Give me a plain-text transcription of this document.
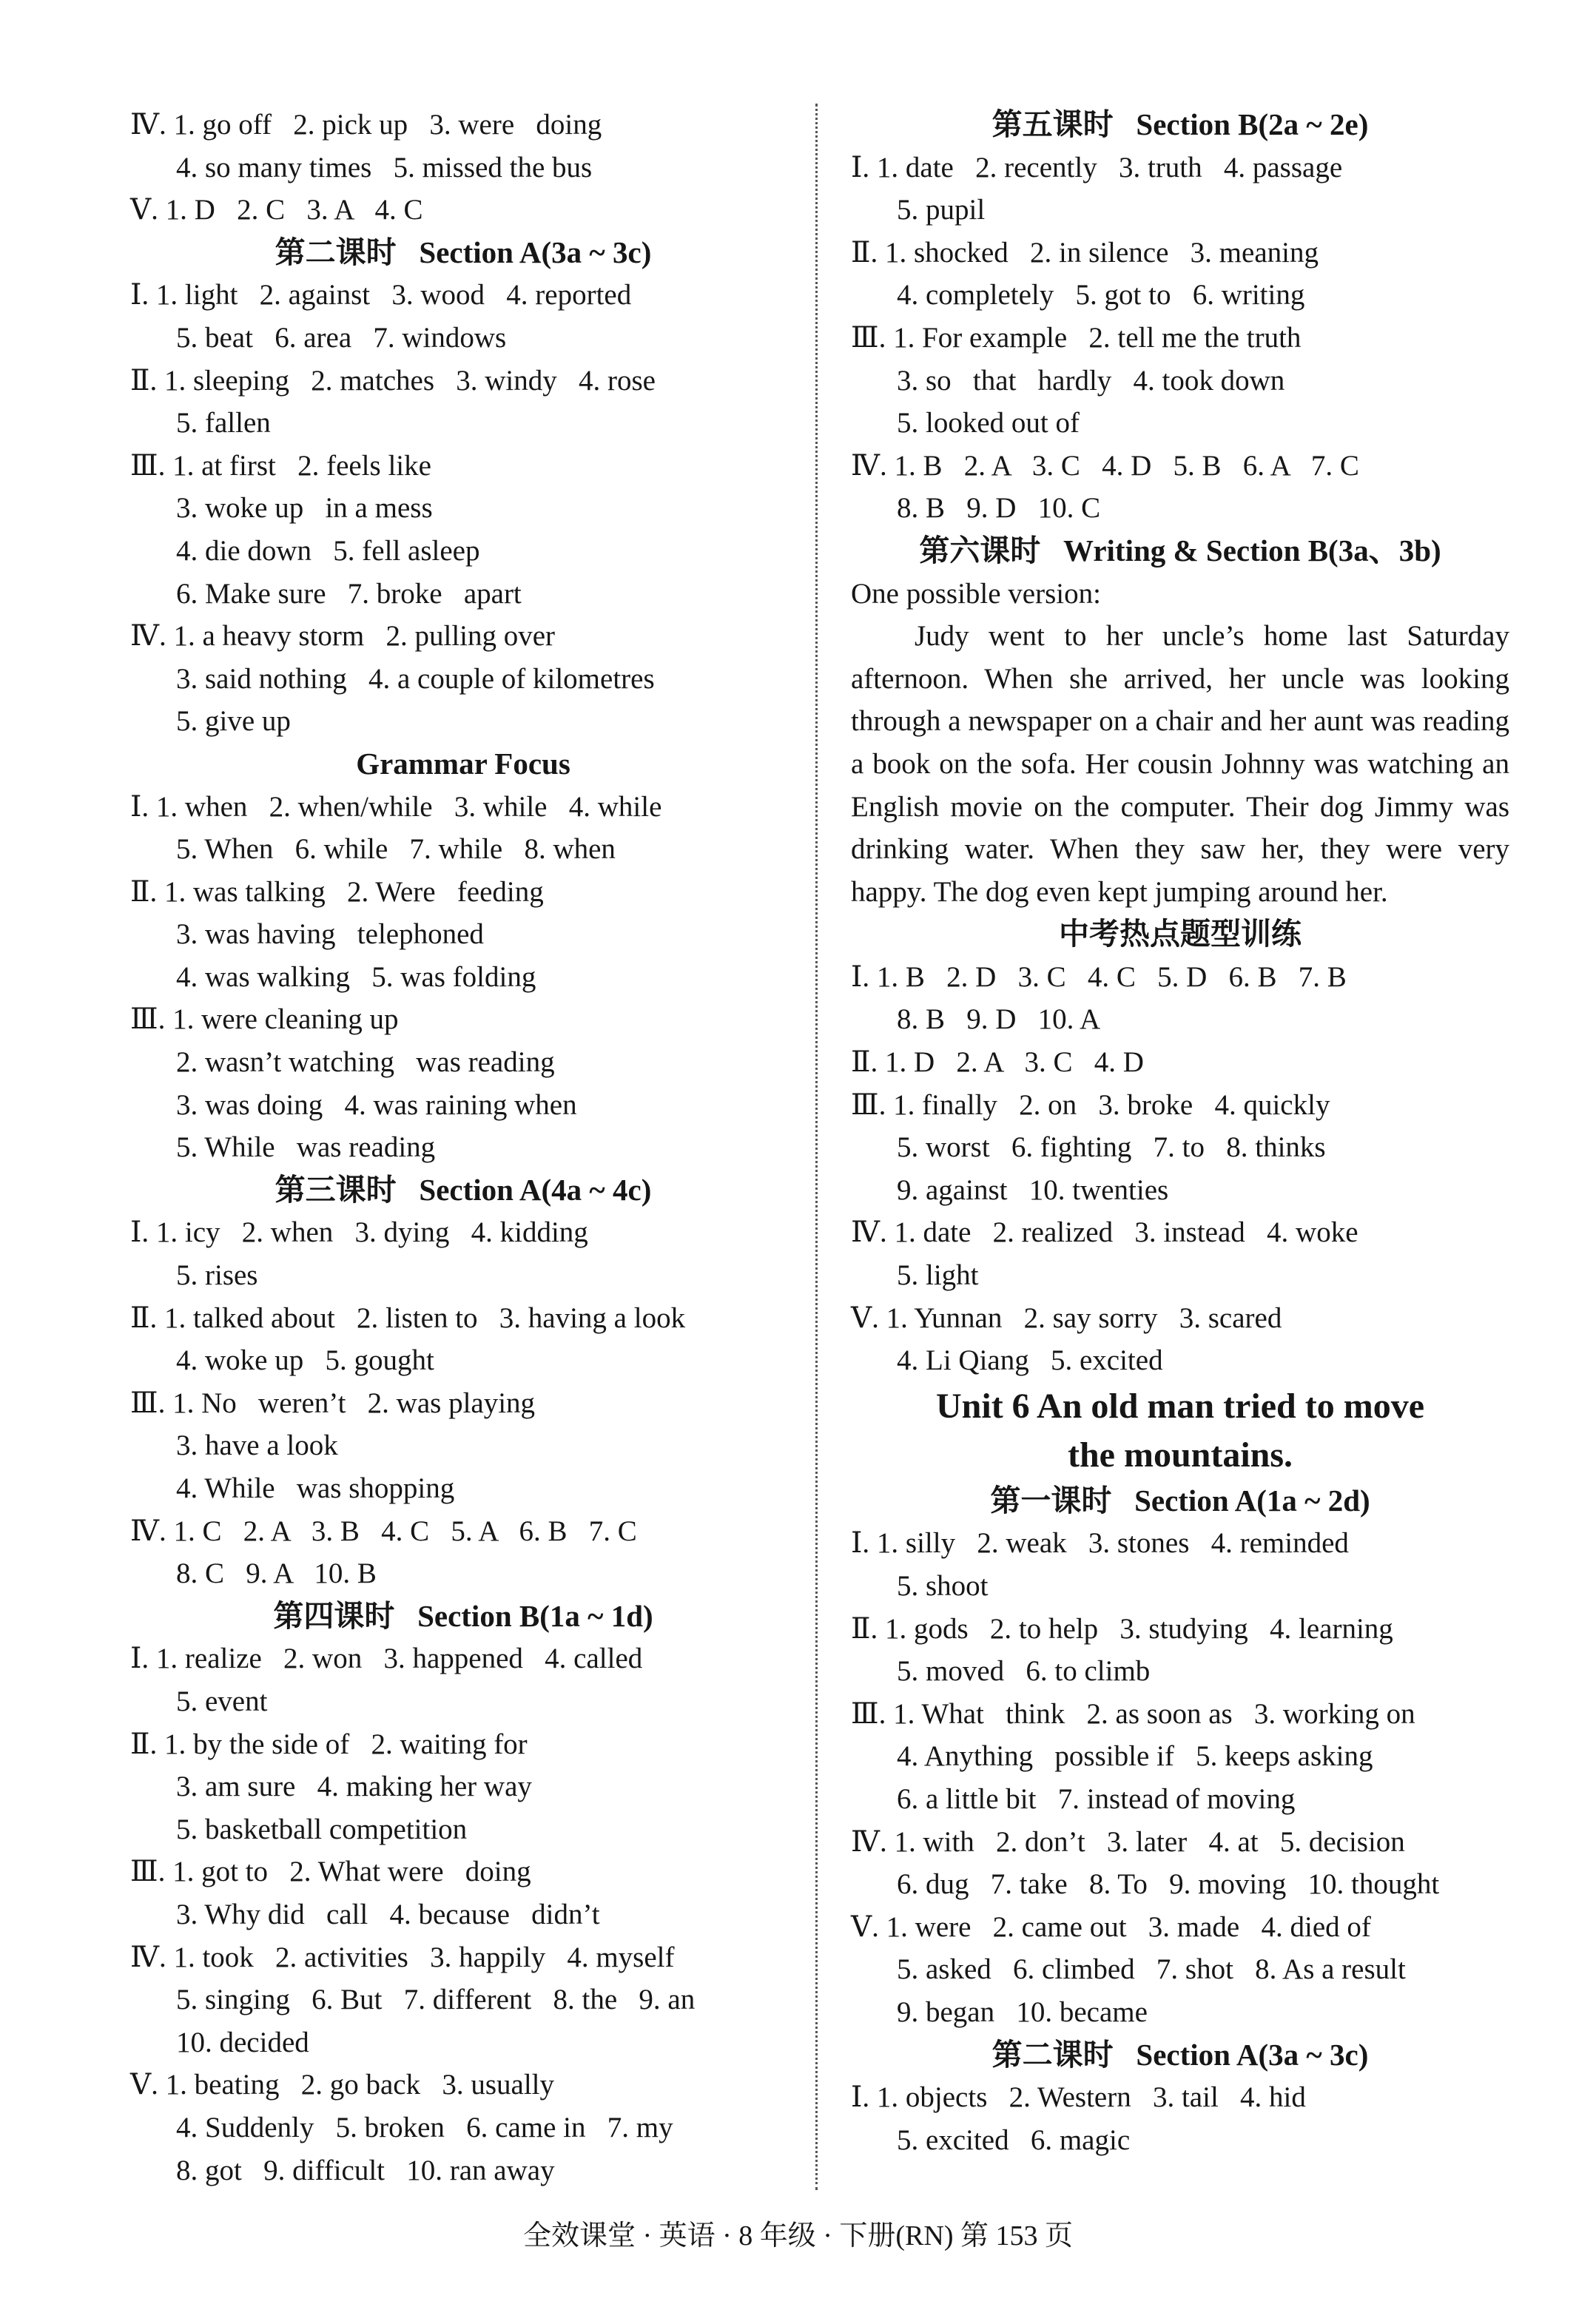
Ⅳ. 1. go off   2. pick up   3. were   doing
4. so many times   5. missed the bus
Ⅴ. 1. D   2. C   3. A   4. C
第二课时   Section A(3a ~ 3c)
Ⅰ. 1. light   2. against   3. wood   4. reported
5. beat   6. area   7. windows
Ⅱ. 1. sleeping   2. matches   3. windy   4. rose
5. fallen
Ⅲ. 1. at first   2. feels like
3. woke up   in a mess
4. die down   5. fell asleep
6. Make sure   7. broke   apart
Ⅳ. 1. a heavy storm   2. pulling over
3. said nothing   4. a couple of kilometres
5. give up
Grammar Focus
Ⅰ. 1. when   2. when/while   3. while   4. while
5. When   6. while   7. while   8. when
Ⅱ. 1. was talking   2. Were   feeding
3. was having   telephoned
4. was walking   5. was folding
Ⅲ. 1. were cleaning up
2. wasn’t watching   was reading
3. was doing   4. was raining when
5. While   was reading
第三课时   Section A(4a ~ 4c)
Ⅰ. 1. icy   2. when   3. dying   4. kidding
5. rises
Ⅱ. 1. talked about   2. listen to   3. having a look
4. woke up   5. gought
Ⅲ. 1. No   weren’t   2. was playing
3. have a look
4. While   was shopping
Ⅳ. 1. C   2. A   3. B   4. C   5. A   6. B   7. C
8. C   9. A   10. B
第四课时   Section B(1a ~ 1d)
Ⅰ. 1. realize   2. won   3. happened   4. called
5. event
Ⅱ. 1. by the side of   2. waiting for
3. am sure   4. making her way
5. basketball competition
Ⅲ. 1. got to   2. What were   doing
3. Why did   call   4. because   didn’t
Ⅳ. 1. took   2. activities   3. happily   4. myself
5. singing   6. But   7. different   8. the   9. an
10. decided
Ⅴ. 1. beating   2. go back   3. usually
4. Suddenly   5. broken   6. came in   7. my
8. got   9. difficult   10. ran away
第五课时   Section B(2a ~ 2e)
Ⅰ. 1. date   2. recently   3. truth   4. passage
5. pupil
Ⅱ. 1. shocked   2. in silence   3. meaning
4. completely   5. got to   6. writing
Ⅲ. 1. For example   2. tell me the truth
3. so   that   hardly   4. took down
5. looked out of
Ⅳ. 1. B   2. A   3. C   4. D   5. B   6. A   7. C
8. B   9. D   10. C
第六课时   Writing & Section B(3a、3b)
One possible version:
Judy went to her uncle’s home last Saturday afternoon. When she arrived, her uncle was looking through a newspaper on a chair and her aunt was reading a book on the sofa. Her cousin Johnny was watching an English movie on the computer. Their dog Jimmy was drinking water. When they saw her, they were very happy. The dog even kept jumping around her.
中考热点题型训练
Ⅰ. 1. B   2. D   3. C   4. C   5. D   6. B   7. B
8. B   9. D   10. A
Ⅱ. 1. D   2. A   3. C   4. D
Ⅲ. 1. finally   2. on   3. broke   4. quickly
5. worst   6. fighting   7. to   8. thinks
9. against   10. twenties
Ⅳ. 1. date   2. realized   3. instead   4. woke
5. light
Ⅴ. 1. Yunnan   2. say sorry   3. scared
4. Li Qiang   5. excited
Unit 6 An old man tried to move
the mountains.
第一课时   Section A(1a ~ 2d)
Ⅰ. 1. silly   2. weak   3. stones   4. reminded
5. shoot
Ⅱ. 1. gods   2. to help   3. studying   4. learning
5. moved   6. to climb
Ⅲ. 1. What   think   2. as soon as   3. working on
4. Anything   possible if   5. keeps asking
6. a little bit   7. instead of moving
Ⅳ. 1. with   2. don’t   3. later   4. at   5. decision
6. dug   7. take   8. To   9. moving   10. thought
Ⅴ. 1. were   2. came out   3. made   4. died of
5. asked   6. climbed   7. shot   8. As a result
9. began   10. became
第二课时   Section A(3a ~ 3c)
Ⅰ. 1. objects   2. Western   3. tail   4. hid
5. excited   6. magic
全效课堂 · 英语 · 8 年级 · 下册(RN) 第 153 页
